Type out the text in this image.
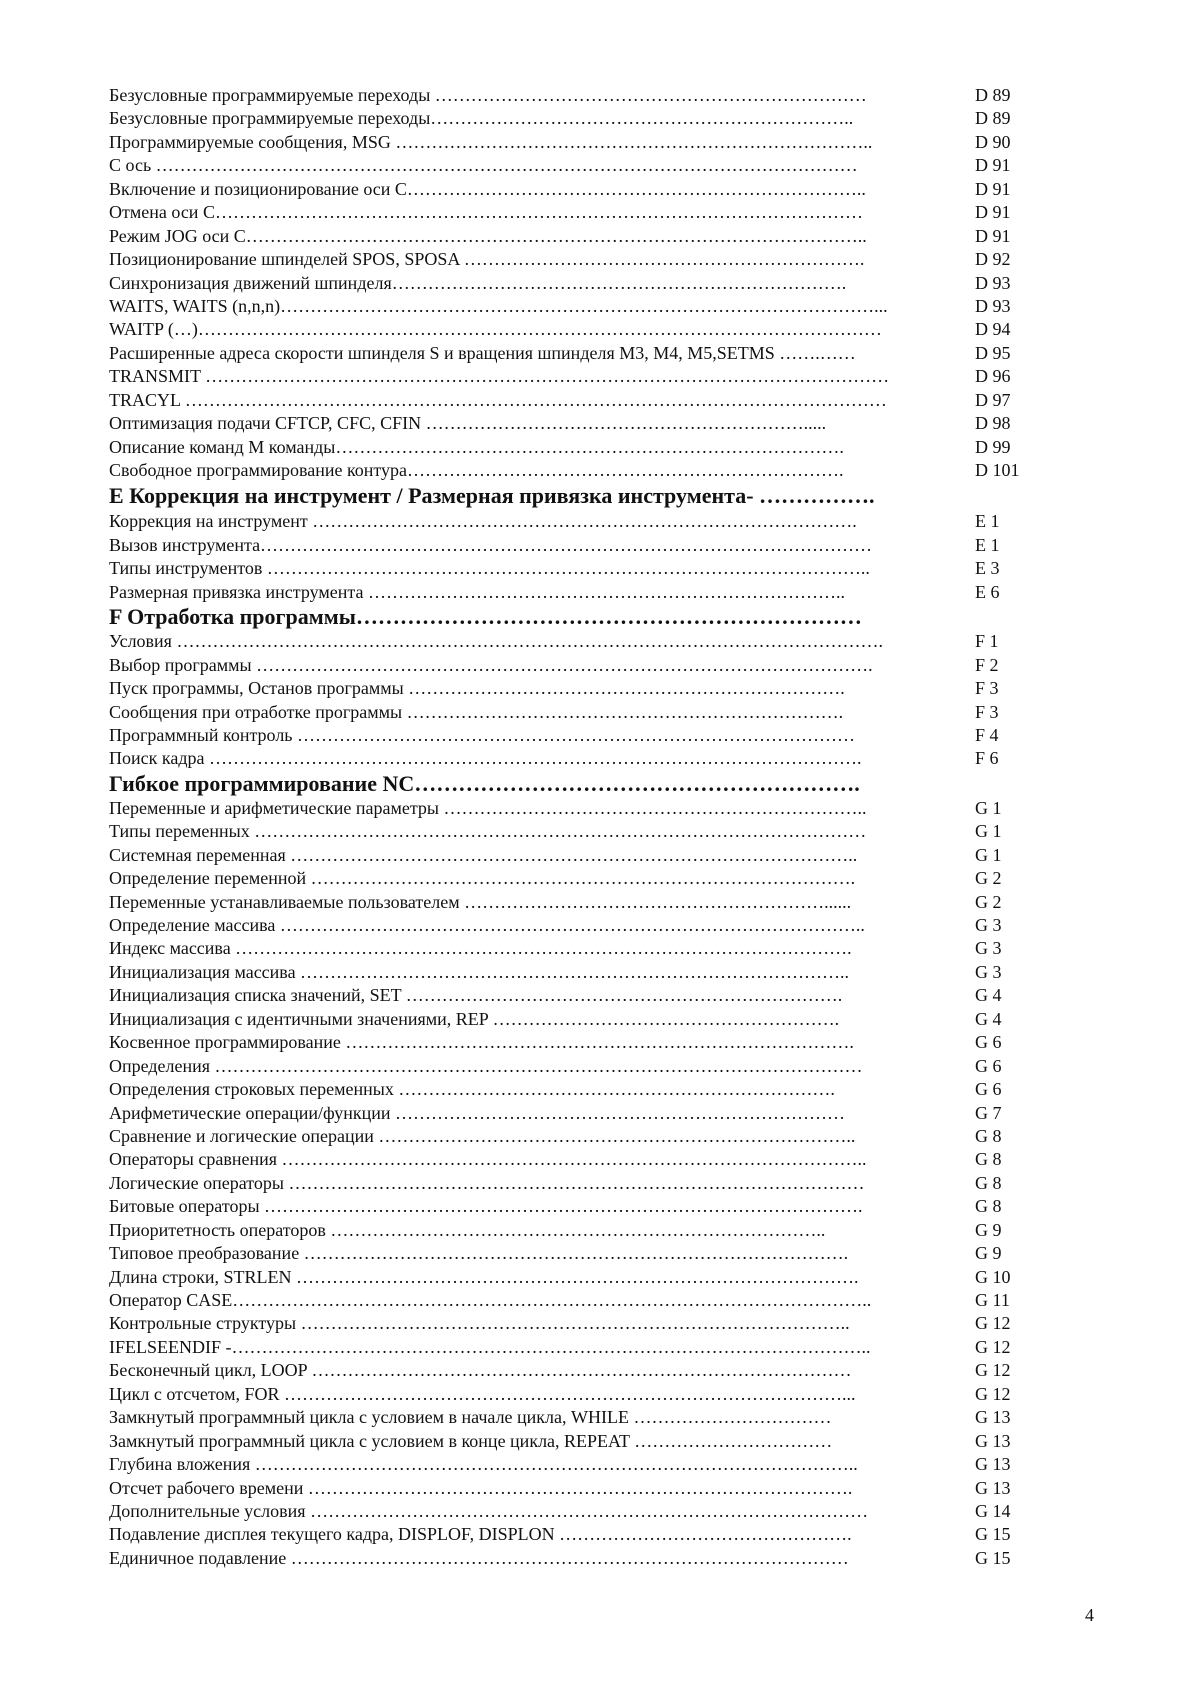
Безусловные программируемые переходы ………………………………………………………………	D 89
Безусловные программируемые переходы……………………………………………………………..	D 89
Программируемые сообщения, MSG ……………………………………………………………………..	D 90
С ось ………………………………………………………………………………………………………	D 91
Включение и позиционирование оси С…………………………………………………………………..	D 91
Отмена оси С………………………………………………………………………………………………	D 91
Режим JOG оси С…………………………………………………………………………………………..	D 91
Позиционирование шпинделей SPOS, SPOSA ………………………………………………………….	D 92
Синхронизация движений шпинделя………………………………………………………………….	D 93
WAITS, WAITS (n,n,n)………………………………………………………………………………………...	D 93
WAITP (…)……………………………………………………………………………………………………	D 94
Расширенные адреса скорости шпинделя S и вращения шпинделя М3, М4, М5,SETMS …….……	D 95
TRANSMIT ……………………………………………………………………………………………………	D 96
TRACYL ………………………………………………………………………………………………………	D 97
Оптимизация подачи CFTCP, CFC, CFIN ……………………………………………………….....	D 98
Описание команд М команды………………………………………………………………………….	D 99
Свободное программирование контура……………………………………………………………….	D 101
Е Коррекция на инструмент / Размерная привязка инструмента- …………….
Коррекция на инструмент ……………………………………………………………………………….	Е 1
Вызов инструмента…………………………………………………………………………………………	Е 1
Типы инструментов ………………………………………………………………………………………..	Е 3
Размерная привязка инструмента ……………………………………………………………………..	Е 6
F Отработка программы……………………………………………………………
Условия ……………………………………………………………………………………………………….	F 1
Выбор программы ………………………………………………………………………………………….	F 2
Пуск программы, Останов программы ……………………………………………………………….	F 3
Сообщения при отработке программы ……………………………………………………………….	F 3
Программный контроль …………………………………………………………………………………	F 4
Поиск кадра ……………………………………………………………………………………………….	F 6
Гибкое программирование NC…………………………………………………….
Переменные и арифметические параметры ……………………………………………………………..	G 1
Типы переменных …………………………………………………………………………………………	G 1
Системная переменная …………………………………………………………………………………..	G 1
Определение переменной ……………………………………………………………………………….	G 2
Переменные устанавливаемые пользователем ……………………………………………………......	G 2
Определение массива ……………………………………………………………………………………..	G 3
Индекс массива ………………………………………………………………………………………….	G 3
Инициализация массива ………………………………………………………………………………..	G 3
Инициализация списка значений, SET ……………………………………………………………….	G 4
Инициализация с идентичными значениями, REP ………………………………………………….	G 4
Косвенное программирование ………………………………………………………………………….	G 6
Определения ………………………………………………………………………………………………	G 6
Определения строковых переменных ……………………………………………………………….	G 6
Арифметические операции/функции …………………………………………………………………	G 7
Сравнение и логические операции ……………………………………………………………………..	G 8
Операторы сравнения ……………………………………………………………………………………..	G 8
Логические операторы ……………………………………………………………………………………	G 8
Битовые операторы ……………………………………………………………………………………….	G 8
Приоритетность операторов ………………………………………………………………………..	G 9
Типовое преобразование ……………………………………………………………………………….	G 9
Длина строки, STRLEN ………………………………………………………………………………….	G 10
Оператор CASE……………………………………………………………………………………………..	G 11
Контрольные структуры ………………………………………………………………………………..	G 12
IFELSEENDIF -……………………………………………………………………………………………..	G 12
Бесконечный цикл, LOOP ………………………………………………………………………………	G 12
Цикл с отсчетом, FOR …………………………………………………………………………………...	G 12
Замкнутый программный цикла с условием в начале цикла, WHILE ……………………………	G 13
Замкнутый программный цикла с условием в конце цикла, REPEAT ……………………………	G 13
Глубина вложения ………………………………………………………………………………………..	G 13
Отсчет рабочего времени ……………………………………………………………………………….	G 13
Дополнительные условия …………………………………………………………………………………	G 14
Подавление дисплея текущего кадра, DISPLOF, DISPLON ………………………………………….	G 15
Единичное подавление …………………………………………………………………………………	G 15
4
